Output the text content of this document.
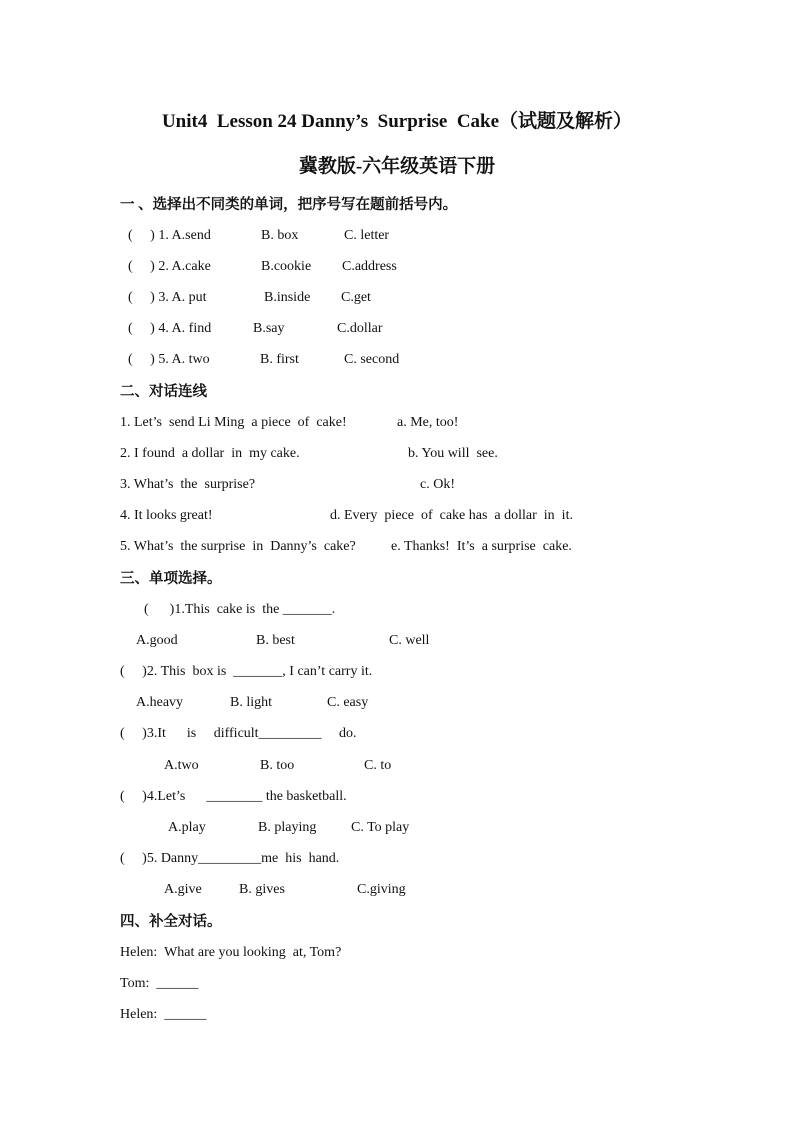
Unit4  Lesson 24 Danny’s  Surprise  Cake（试题及解析）
冀教版-六年级英语下册
一 、选择出不同类的单词，把序号写在题前括号内。
(     ) 1. A.send	B. box	C. letter
(     ) 2. A.cake	B.cookie C.address
(     ) 3. A. put	B.inside C.get
(     ) 4. A. find	B.say	C.dollar
(     ) 5. A. two	B. first	C. second
二、对话连线
1. Let’s  send Li Ming  a piece  of  cake!	a. Me, too!
2. I found  a dollar  in  my cake.	b. You will  see.
3. What’s  the  surprise?	c. Ok!
4. It looks great!	d. Every  piece  of  cake has  a dollar  in  it.
5. What’s  the surprise  in  Danny’s  cake?	e. Thanks!  It’s  a surprise  cake.
三、单项选择。
(      )1.This  cake is  the _______.
A.good	B. best	C. well
(     )2. This  box is  _______, I can’t carry it.
A.heavy	B. light	C. easy
(     )3.It      is     difficult_________     do.
A.two	B. too	C. to
(     )4.Let’s      ________ the basketball.
A.play	B. playing C. To play
(     )5. Danny_________me  his  hand.
A.give	B. gives	C.giving
四、补全对话。
Helen:  What are you looking  at, Tom?
Tom:  ______
Helen:  ______
